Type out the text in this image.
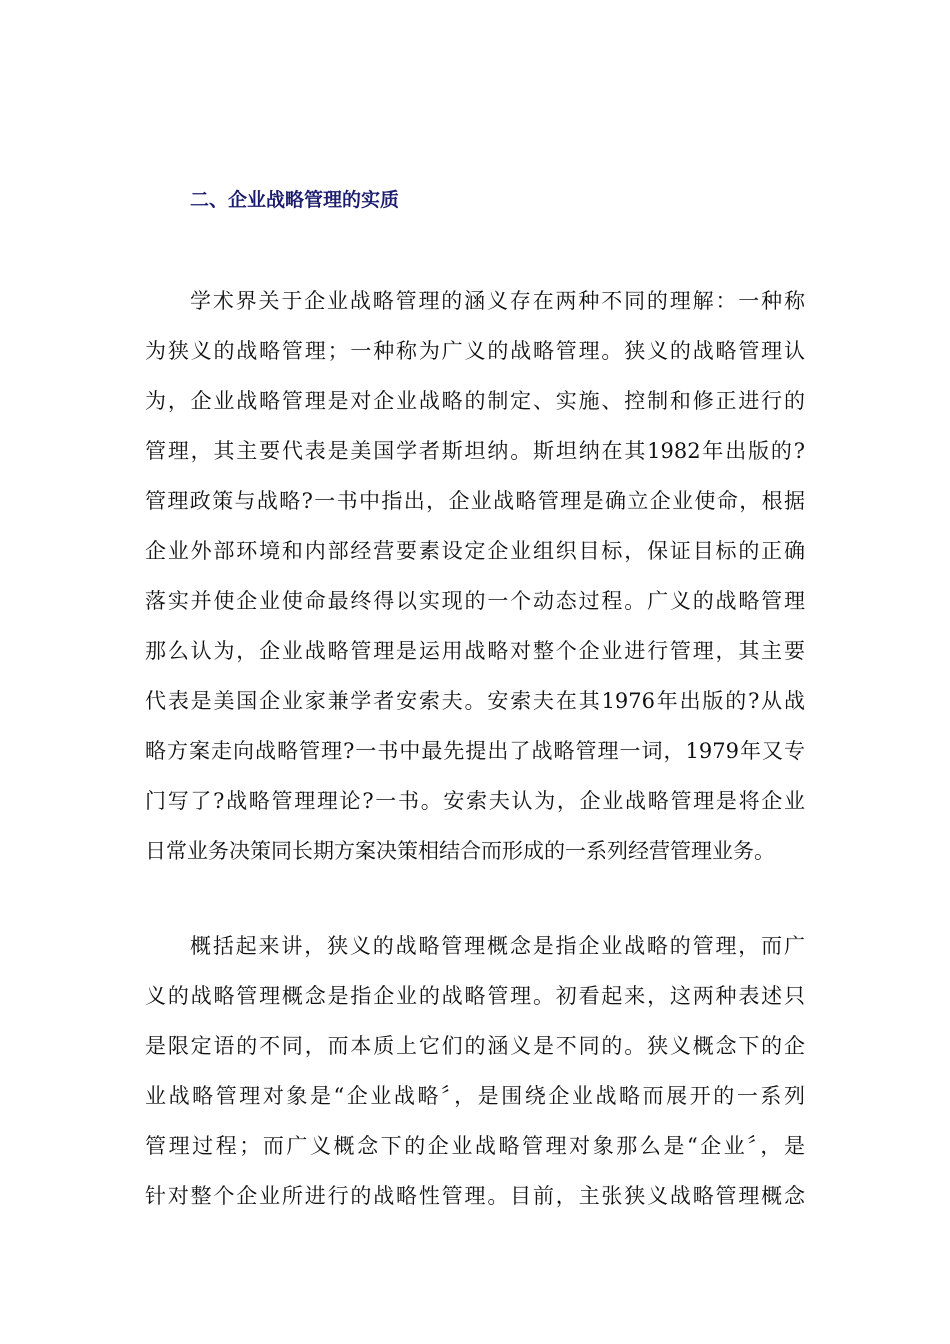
二、企业战略管理的实质
学术界关于企业战略管理的涵义存在两种不同的理解：一种称
为狭义的战略管理；一种称为广义的战略管理。狭义的战略管理认
为，企业战略管理是对企业战略的制定、实施、控制和修正进行的
管理，其主要代表是美国学者斯坦纳。斯坦纳在其1982年出版的?
管理政策与战略?一书中指出，企业战略管理是确立企业使命，根据
企业外部环境和内部经营要素设定企业组织目标，保证目标的正确
落实并使企业使命最终得以实现的一个动态过程。广义的战略管理
那么认为，企业战略管理是运用战略对整个企业进行管理，其主要
代表是美国企业家兼学者安索夫。安索夫在其1976年出版的?从战
略方案走向战略管理?一书中最先提出了战略管理一词，1979年又专
门写了?战略管理理论?一书。安索夫认为，企业战略管理是将企业
日常业务决策同长期方案决策相结合而形成的一系列经营管理业务。
概括起来讲，狭义的战略管理概念是指企业战略的管理，而广
义的战略管理概念是指企业的战略管理。初看起来，这两种表述只
是限定语的不同，而本质上它们的涵义是不同的。狭义概念下的企
业战略管理对象是“企业战略〞，是围绕企业战略而展开的一系列
管理过程；而广义概念下的企业战略管理对象那么是“企业〞，是
针对整个企业所进行的战略性管理。目前，主张狭义战略管理概念
